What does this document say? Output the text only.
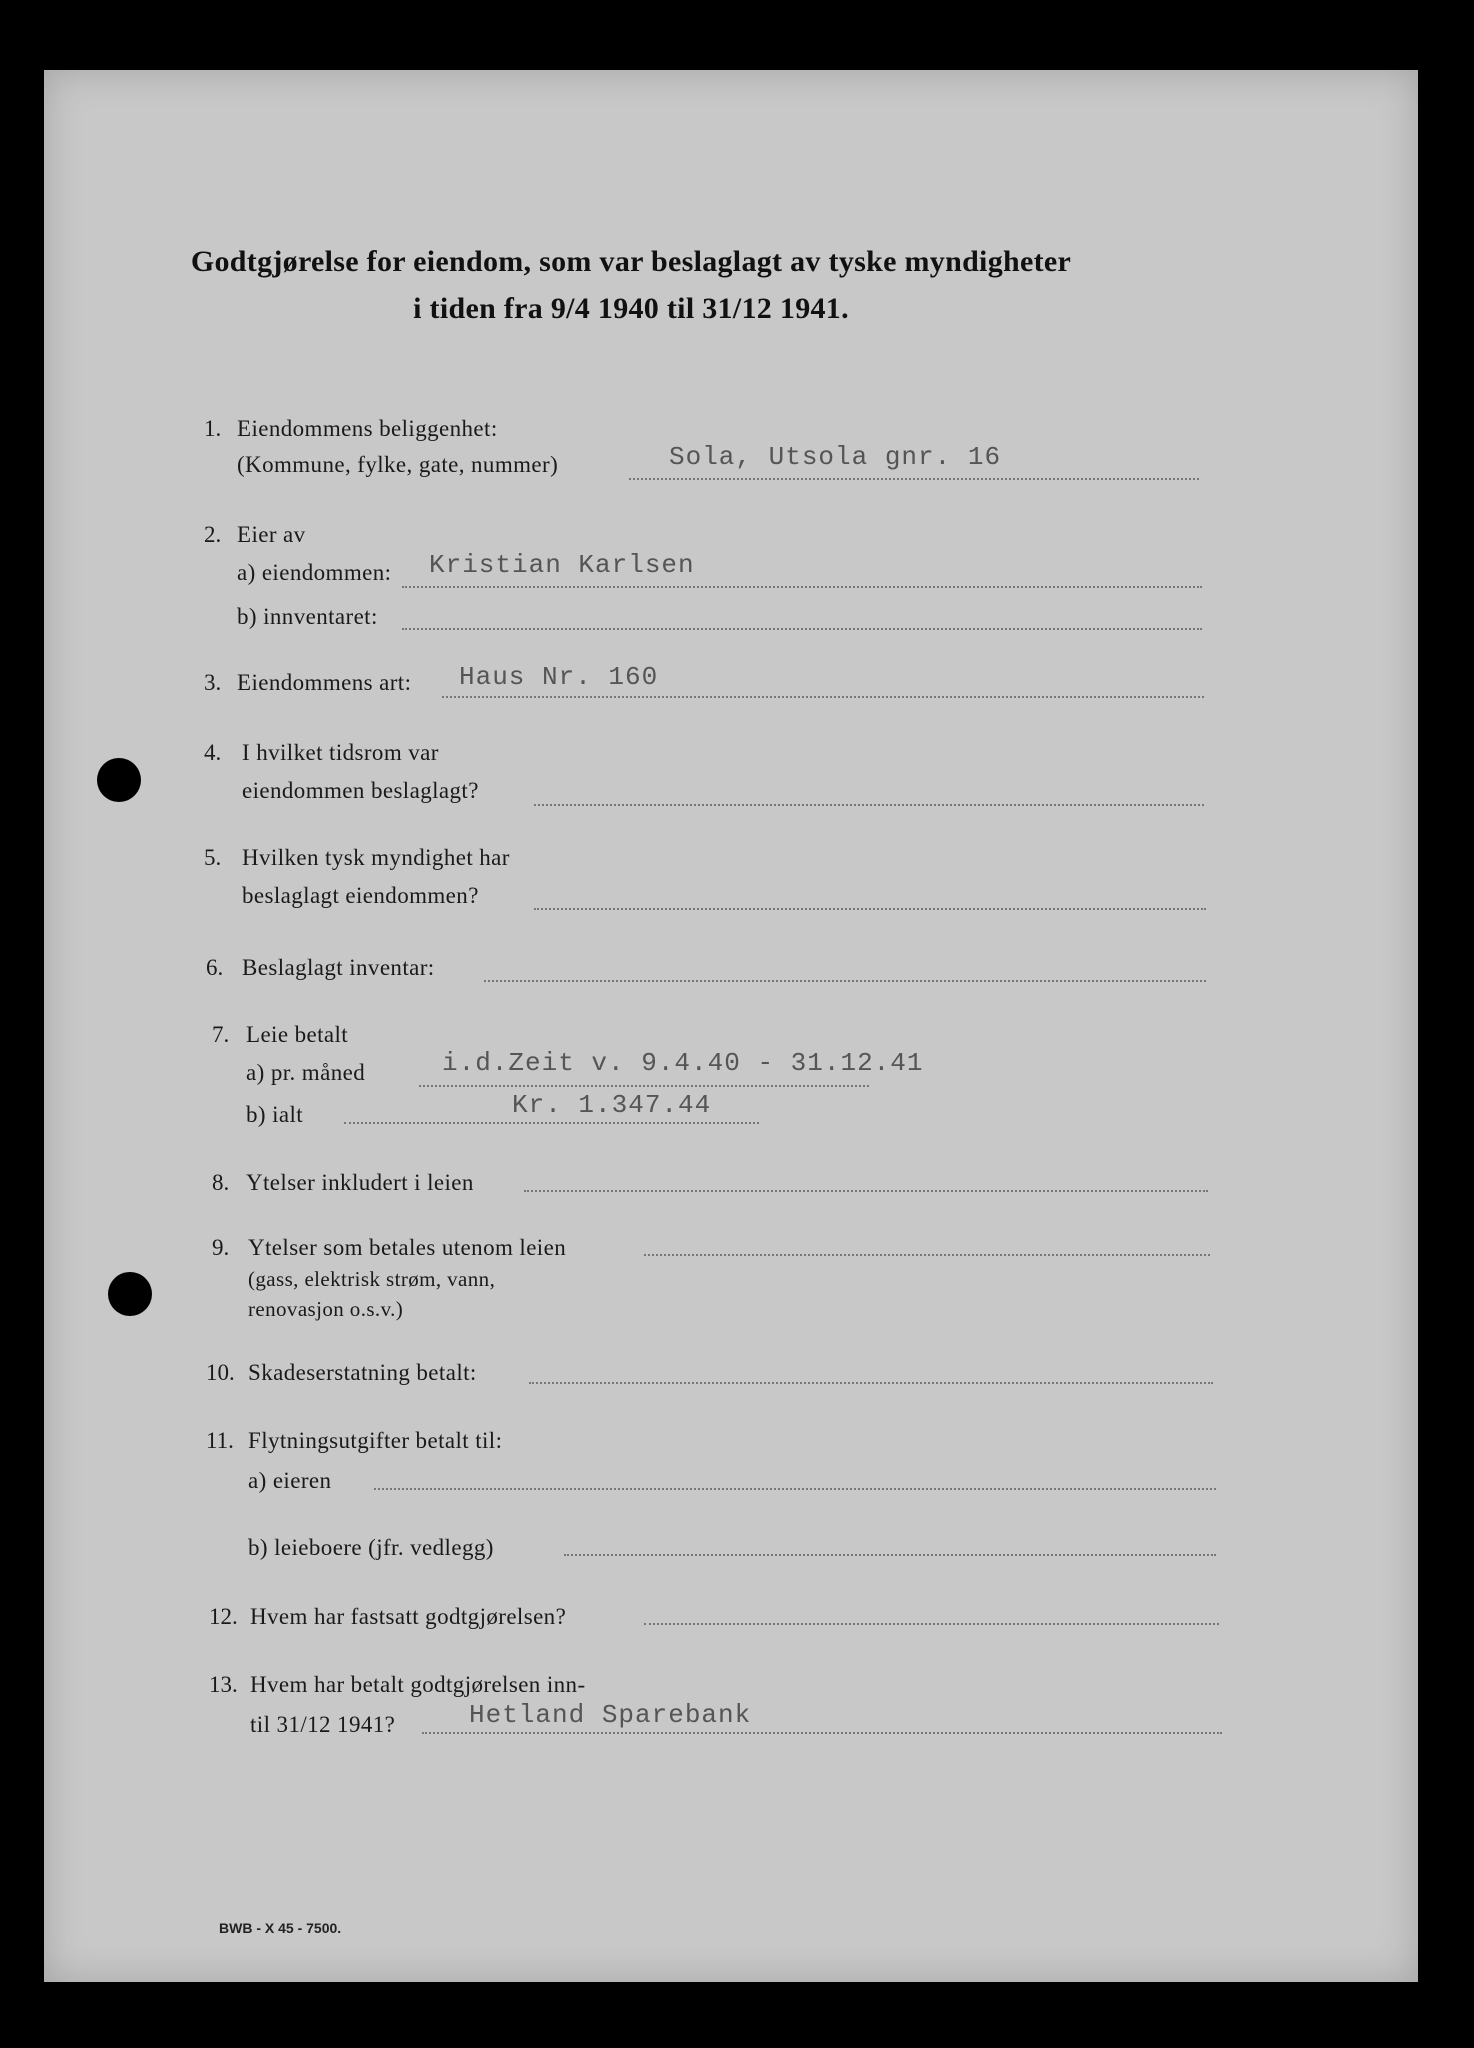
Godtgjørelse for eiendom, som var beslaglagt av tyske myndigheter
i tiden fra 9/4 1940 til 31/12 1941.
1. Eiendommens beliggenhet:
(Kommune, fylke, gate, nummer)	Sola, Utsola gnr. 16
2. Eier av
a) eiendommen: Kristian Karlsen
b) innventaret:
3. Eiendommens art: Haus Nr. 160
4. I hvilket tidsrom var
eiendommen beslaglagt?
5. Hvilken tysk myndighet har
beslaglagt eiendommen?
6. Beslaglagt inventar:
7. Leie betalt
a) pr. måned	i.d.Zeit v. 9.4.40 - 31.12.41
b) ialt	Kr. 1.347.44
8. Ytelser inkludert i leien
9. Ytelser som betales utenom leien
(gass, elektrisk strøm, vann,
renovasjon o.s.v.)
10. Skadeserstatning betalt:
11. Flytningsutgifter betalt til:
a) eieren
b) leieboere (jfr. vedlegg)
12. Hvem har fastsatt godtgjørelsen?
13. Hvem har betalt godtgjørelsen inn-
til 31/12 1941?	Hetland Sparebank
BWB - X 45 - 7500.
